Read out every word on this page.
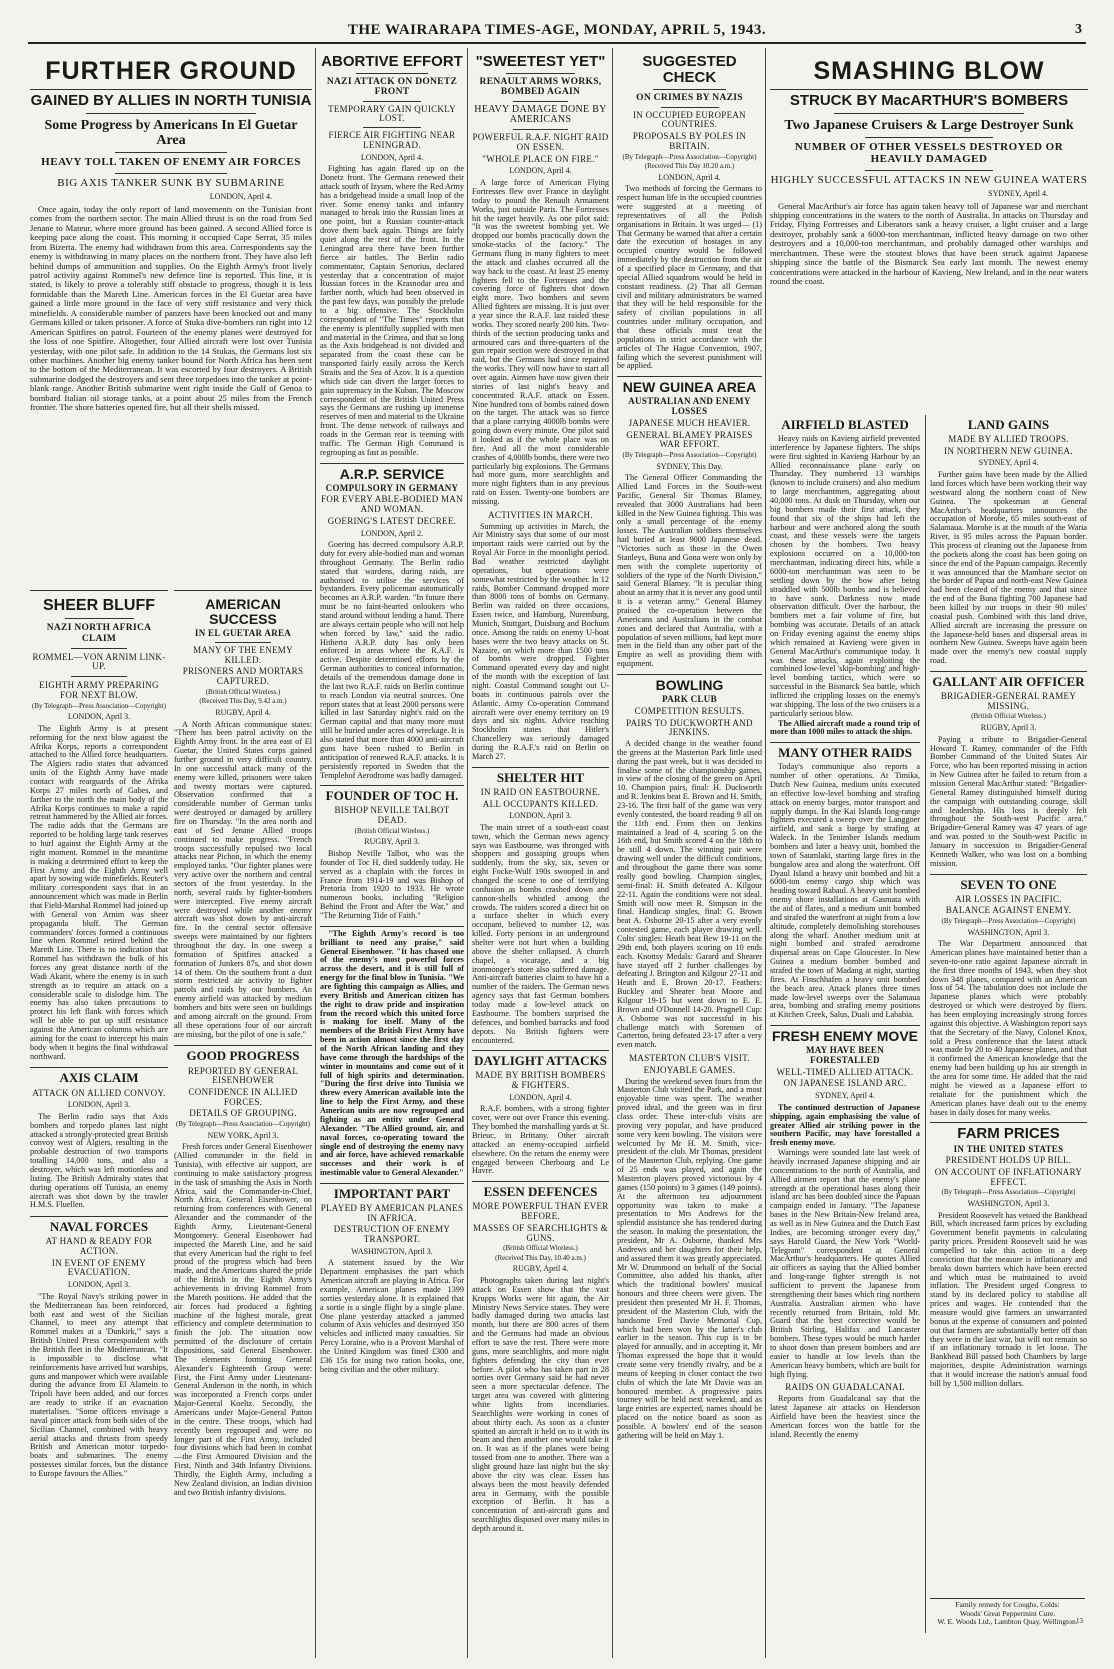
THE WAIRARAPA TIMES-AGE, MONDAY, APRIL 5, 1943.	3
FURTHER GROUND
GAINED BY ALLIES IN NORTH TUNISIA
Some Progress by Americans In El Guetar Area
HEAVY TOLL TAKEN OF ENEMY AIR FORCES
BIG AXIS TANKER SUNK BY SUBMARINE
LONDON, April 4.
Once again, today the only report of land movements on the Tunisian front comes from the northern sector. The main Allied thrust is on the road from Sed Jenane to Mateur, where more ground has been gained. A second Allied force is keeping pace along the coast. This morning it occupied Cape Serrat, 35 miles from Bizerta. The enemy had withdrawn from this area. Correspondents say the enemy is withdrawing in many places on the northern front. They have also left behind dumps of ammunition and supplies. On the Eighth Army's front lively patrol activity against Rommel's new defence line is reported. This line, it is stated, is likely to prove a tolerably stiff obstacle to progress, though it is less formidable than the Mareth Line. American forces in the El Guetar area have gained a little more ground in the face of very stiff resistance and very thick minefields. A considerable number of panzers have been knocked out and many Germans killed or taken prisoner. A force of Stuka dive-bombers ran right into 12 American Spitfires on patrol. Fourteen of the enemy planes were destroyed for the loss of one Spitfire. Altogether, four Allied aircraft were lost over Tunisia yesterday, with one pilot safe. In addition to the 14 Stukas, the Germans lost six other machines. Another big enemy tanker bound for North Africa has been sent to the bottom of the Mediterranean. It was escorted by four destroyers. A British submarine dodged the destroyers and sent three torpedoes into the tanker at point-blank range. Another British submarine went right inside the Gulf of Genoa to bombard Italian oil storage tanks, at a point about 25 miles from the French frontier. The shore batteries opened fire, but all their shells missed.
SHEER BLUFF
NAZI NORTH AFRICA CLAIM
ROMMEL—VON ARNIM LINK-UP.
EIGHTH ARMY PREPARING FOR NEXT BLOW.
(By Telegraph—Press Association—Copyright)
LONDON, April 3.
The Eighth Army is at present reforming for the next blow against the Afrika Korps, reports a correspondent attached to the Allied force headquarters. The Algiers radio states that advanced units of the Eighth Army have made contact with rearguards of the Afrika Korps 27 miles north of Gabes, and farther to the north the main body of the Afrika Korps continues to make a rapid retreat hammered by the Allied air forces. The radio adds that the Germans are reported to be holding large tank reserves to hurl against the Eighth Army at the right moment. Rommel in the meantime is making a determined effort to keep the First Army and the Eighth Army well apart by sowing wide minefields. Reuter's military correspondent says that in an announcement which was made in Berlin that Field-Marshal Rommel had joined up with General von Arnim was sheer propaganda bluff. The German commanders' forces formed a continuous line when Rommel retired behind the Mareth Line. There is no indication that Rommel has withdrawn the bulk of his forces any great distance north of the Wadi Akarit, where the enemy is in such strength as to require an attack on a considerable scale to dislodge him. The enemy has also taken precautions to protect his left flank with forces which will be able to put up stiff resistance against the American columns which are aiming for the coast to intercept his main body when it begins the final withdrawal northward.
AXIS CLAIM
ATTACK ON ALLIED CONVOY.
LONDON, April 3.
The Berlin radio says that Axis bombers and torpedo planes last night attacked a strongly-protected great British convoy west of Algiers, resulting in the probable destruction of two transports totalling 14,000 tons, and also a destroyer, which was left motionless and listing. The British Admiralty states that during operations off Tunisia, an enemy aircraft was shot down by the trawler H.M.S. Fluellen.
NAVAL FORCES
AT HAND & READY FOR ACTION.
IN EVENT OF ENEMY EVACUATION.
LONDON, April 3.
"The Royal Navy's striking power in the Mediterranean has been reinforced, both east and west of the Sicilian Channel, to meet any attempt that Rommel makes at a 'Dunkirk,'" says a British United Press correspondent with the British fleet in the Mediterranean. "It is impossible to disclose what reinforcements have arrived but warships, guns and manpower which were available during the advance from El Alamein to Tripoli have been added, and our forces are ready to strike if an evacuation materialises. "Some officers envisage a naval pincer attack from both sides of the Sicilian Channel, combined with heavy aerial attacks and thrusts from speedy British and American motor torpedo-boats and submarines. The enemy possesses similar forces, but the distance to Europe favours the Allies."
AMERICAN SUCCESS
IN EL GUETAR AREA
MANY OF THE ENEMY KILLED.
PRISONERS AND MORTARS CAPTURED.
(British Official Wireless.)
(Received This Day, 9.42 a.m.)
RUGBY, April 4.
A North African communique states: "There has been patrol activity on the Eighth Army front. In the area east of El Guetar, the United States corps gained further ground in very difficult country. In one successful attack many of the enemy were killed, prisoners were taken and twenty mortars were captured. Observation confirmed that a considerable number of German tanks were destroyed or damaged by artillery fire on Thursday. "In the area north and east of Sed Jenane Allied troops continued to make progress. "French troops successfully repulsed two local attacks near Pichon, in which the enemy employed tanks. "Our fighter planes were very active over the northern and central sectors of the front yesterday. In the north, several raids by fighter-bombers were intercepted. Five enemy aircraft were destroyed while another enemy aircraft was shot down by anti-aircraft fire. In the central sector offensive sweeps were maintained by our fighters throughout the day. In one sweep a formation of Spitfires attacked a formation of Junkers 87s, and shot down 14 of them. On the southern front a dust storm restricted air activity to fighter patrols and raids by our bombers. An enemy airfield was attacked by medium bombers and hits were seen on buildings and among aircraft on the ground. From all these operations four of our aircraft are missing, but the pilot of one is safe."
GOOD PROGRESS
REPORTED BY GENERAL EISENHOWER
CONFIDENCE IN ALLIED FORCES.
DETAILS OF GROUPING.
(By Telegraph—Press Association—Copyright)
NEW YORK, April 3.
Fresh forces under General Eisenhower (Allied commander in the field in Tunisia), with effective air support, are continuing to make satisfactory progress in the task of smashing the Axis in North Africa, said the Commander-in-Chief, North Africa, General Eisenhower, on returning from conferences with General Alexander and the commander of the Eighth Army, Lieutenant-General Montgomery. General Eisenhower had inspected the Mareth Line, and he said that every American had the right to feel proud of the progress which had been made, and the Americans shared the pride of the British in the Eighth Army's achievements in driving Rommel from the Mareth positions. He added that the air forces had produced a fighting machine of the highest morale, great efficiency and complete determination to finish the job. The situation now permitted of the disclosure of certain dispositions, said General Eisenhower. The elements forming General Alexander's Eighteenth Group were: First, the First Army under Lieutenant-General Anderson in the north, in which was incorporated a French corps under Major-General Koeltz. Secondly, the Americans under Major-General Patton in the centre. These troops, which had recently been regrouped and were no longer part of the First Army, included four divisions which had been in combat—the First Armoured Division and the First, Ninth and 34th Infantry Divisions. Thirdly, the Eighth Army, including a New Zealand division, an Indian division and two British infantry divisions.
ABORTIVE EFFORT
NAZI ATTACK ON DONETZ FRONT
TEMPORARY GAIN QUICKLY LOST.
FIERCE AIR FIGHTING NEAR LENINGRAD.
LONDON, April 4.
Fighting has again flared up on the Donetz front. The Germans renewed their attack south of Izyum, where the Red Army has a bridgehead inside a small loop of the river. Some enemy tanks and infantry managed to break into the Russian lines at one point, but a Russian counter-attack drove them back again. Things are fairly quiet along the rest of the front. In the Leningrad area there have been further fierce air battles. The Berlin radio commentator, Captain Sertorius, declared yesterday that a concentration of major Russian forces in the Krasnodar area and farther north, which had been observed in the past few days, was possibly the prelude to a big offensive. The Stockholm correspondent of "The Times" reports that the enemy is plentifully supplied with men and material in the Crimea, and that so long as the Axis bridgehead is not divided and separated from the coast these can be transported fairly easily across the Kerch Straits and the Sea of Azov. It is a question which side can divert the larger forces to gain supremacy in the Kuban. The Moscow correspondent of the British United Press says the Germans are rushing up immense reserves of men and material to the Ukraine front. The dense network of railways and roads in the German rear is teeming with traffic. The German High Command is regrouping as fast as possible.
A.R.P. SERVICE
COMPULSORY IN GERMANY
FOR EVERY ABLE-BODIED MAN AND WOMAN.
GOERING'S LATEST DECREE.
LONDON, April 2.
Goering has decreed compulsory A.R.P. duty for every able-bodied man and woman throughout Germany. The Berlin radio stated that wardens, during raids, are authorised to utilise the services of bystanders. Every policeman automatically becomes an A.R.P. warden. "In future there must be no faint-hearted onlookers who stand around without lending a hand. There are always certain people who will not help when forced by law," said the radio. Hitherto A.R.P. duty has only been enforced in areas where the R.A.F. is active. Despite determined efforts by the German authorities to conceal information, details of the tremendous damage done in the last two R.A.F. raids on Berlin continue to reach London via neutral sources. One report states that at least 2000 persons were killed in last Saturday night's raid on the German capital and that many more must still be buried under acres of wreckage. It is also stated that more than 4000 anti-aircraft guns have been rushed to Berlin in anticipation of renewed R.A.F. attacks. It is persistently reported in Sweden that the Templehof Aerodrome was badly damaged.
FOUNDER OF TOC H.
BISHOP NEVILLE TALBOT DEAD.
(British Official Wireless.)
RUGBY, April 3.
Bishop Neville Talbot, who was the founder of Toc H, died suddenly today. He served as a chaplain with the forces in France from 1914-19 and was Bishop of Pretoria from 1920 to 1933. He wrote numerous books, including "Religion Behind the Front and After the War," and "The Returning Tide of Faith."
"The Eighth Army's record is too brilliant to need any praise," said General Eisenhower. "It has chased one of the enemy's most powerful forces across the desert, and it is still full of energy for the final blow in Tunisia. "We are fighting this campaign as Allies, and every British and American citizen has the right to draw pride and inspiration from the record which this united force is making for itself. Many of the members of the British First Army have been in action almost since the first day of the North African landing and they have come through the hardships of the winter in mountains and come out of it full of high spirits and determination. "During the first drive into Tunisia we threw every American available into the line to help the First Army, and these American units are now regrouped and fighting as an entity under General Alexander. "The Allied ground, air, and naval forces, co-operating toward the single end of destroying the enemy navy and air force, have achieved remarkable successes and their work is of inestimable value to General Alexander."
IMPORTANT PART
PLAYED BY AMERICAN PLANES IN AFRICA.
DESTRUCTION OF ENEMY TRANSPORT.
WASHINGTON, April 3.
A statement issued by the War Department emphasises the part which American aircraft are playing in Africa. For example, American planes made 1399 sorties yesterday alone. It is explained that a sortie is a single flight by a single plane. One plane yesterday attacked a jammed column of Axis vehicles and destroyed 350 vehicles and inflicted many casualties. Sir Percy Loraine, who is a Provost Marshal of the United Kingdom was fined £300 and £36 15s for using two ration books, one, being civilian and the other military.
"SWEETEST YET"
RENAULT ARMS WORKS, BOMBED AGAIN
HEAVY DAMAGE DONE BY AMERICANS
POWERFUL R.A.F. NIGHT RAID ON ESSEN.
"WHOLE PLACE ON FIRE."
LONDON, April 4.
A large force of American Flying Fortresses flew over France in daylight today to pound the Renault Armament Works, just outside Paris. The Fortresses hit the target heavily. As one pilot said: "It was the sweetest bombing yet. We dropped our bombs practically down the smoke-stacks of the factory." The Germans flung in many fighters to meet the attack and clashes occurred all the way back to the coast. At least 25 enemy fighters fell to the Fortresses and the covering force of fighters shot down eight more. Two bombers and seven Allied fighters are missing. It is just over a year since the R.A.F. last raided these works. They scored nearly 200 hits. Two-thirds of the section producing tanks and armoured cars and three-quarters of the gun repair section were destroyed in that raid, but the Germans had since repaired the works. They will now have to start all over again. Airmen have now given their stories of last night's heavy and concentrated R.A.F. attack on Essen. Nine hundred tons of bombs rained down on the target. The attack was so fierce that a plane carrying 4000lb bombs were going down every minute. One pilot said it looked as if the whole place was on fire. And all the most considerable crashes of 4,000lb bombs, there were two particularly big explosions. The Germans had more guns, more searchlights and more night fighters than in any previous raid on Essen. Twenty-one bombers are missing.
ACTIVITIES IN MARCH.
Summing up activities in March, the Air Ministry says that some of our most important raids were carried out by the Royal Air Force in the moonlight period. Bad weather restricted daylight operations, but operations were somewhat restricted by the weather. In 12 raids, Bomber Command dropped more than 8000 tons of bombs on Germany. Berlin was raided on three occasions, Essen twice, and Hamburg, Nuremburg, Munich, Stuttgart, Duisburg and Bochum once. Among the raids on enemy U-boat bases were the two heavy attacks on St. Nazaire, on which more than 1500 tons of bombs were dropped. Fighter Command operated every day and night of the month with the exception of last night. Coastal Command sought out U-boats in continuous patrols over the Atlantic. Army Co-operation Command aircraft were over enemy territory on 19 days and six nights. Advice reaching Stockholm states that Hitler's Chancellery was seriously damaged during the R.A.F.'s raid on Berlin on March 27.
SHELTER HIT
IN RAID ON EASTBOURNE.
ALL OCCUPANTS KILLED.
LONDON, April 3.
The main street of a south-east coast town, which the German news agency says was Eastbourne, was thronged with shoppers and gossiping groups when suddenly, from the sky, six, seven or eight Focke-Wulf 190s swooped in and changed the scene to one of terrifying confusion as bombs crashed down and cannon-shells whistled among the crowds. The raiders scored a direct hit on a surface shelter in which every occupant, believed to number 12, was killed. Forty persons in an underground shelter were not hurt when a building above the shelter collapsed. A church chapel, a vicarage, and a big ironmonger's store also suffered damage. Anti-aircraft batteries claim to have hit a number of the raiders. The German news agency says that fast German bombers today made a low-level attack on Eastbourne. The bombers surprised the defences, and bombed barracks and food depots. No British fighters were encountered.
DAYLIGHT ATTACKS
MADE BY BRITISH BOMBERS & FIGHTERS.
LONDON, April 4.
R.A.F. bombers, with a strong fighter cover, were out over France this evening. They bombed the marshalling yards at St. Brieuc, in Brittany. Other aircraft attacked an enemy-occupied airfield elsewhere. On the return the enemy were engaged between Cherbourg and Le Havre.
ESSEN DEFENCES
MORE POWERFUL THAN EVER BEFORE.
MASSES OF SEARCHLIGHTS & GUNS.
(British Official Wireless.)
(Received This Day, 10.40 a.m.)
RUGBY, April 4.
Photographs taken during last night's attack on Essen show that the vast Krupps Works were hit again, the Air Ministry News Service states. They were badly damaged during two attacks last month, but there are 800 acres of them and the Germans had made an obvious effort to save the rest. There were more guns, more searchlights, and more night fighters defending the city than ever before. A pilot who has taken part in 28 sorties over Germany said he had never seen a more spectacular defence. The target area was covered with glittering white lights from incendiaries. Searchlights were working in cones of about thirty each. As soon as a cluster spotted an aircraft it held on to it with its beam and then another one would take it on. It was as if the planes were being tossed from one to another. There was a slight ground haze last night but the sky above the city was clear. Essen has always been the most heavily defended area in Germany, with the possible exception of Berlin. It has a concentration of anti-aircraft guns and searchlights disposed over many miles in depth around it.
SUGGESTED CHECK
ON CRIMES BY NAZIS
IN OCCUPIED EUROPEAN COUNTRIES.
PROPOSALS BY POLES IN BRITAIN.
(By Telegraph—Press Association—Copyright)
(Received This Day 10.20 a.m.)
LONDON, April 4.
Two methods of forcing the Germans to respect human life in the occupied countries were suggested at a meeting of representatives of all the Polish organisations in Britain. It was urged— (1) That Germany be warned that after a certain date the execution of hostages in any occupied country would be followed immediately by the destruction from the air of a specified place in Germany, and that special Allied squadrons would be held in constant readiness. (2) That all German civil and military administrators be warned that they will be held responsible for the safety of civilian populations in all countries under military occupation, and that these officials must treat the populations in strict accordance with the articles of The Hague Convention, 1907, failing which the severest punishment will be applied.
NEW GUINEA AREA
AUSTRALIAN AND ENEMY LOSSES
JAPANESE MUCH HEAVIER.
GENERAL BLAMEY PRAISES WAR EFFORT.
(By Telegraph—Press Association—Copyright)
SYDNEY, This Day.
The General Officer Commanding the Allied Land Forces in the South-west Pacific, General Sir Thomas Blamey, revealed that 3000 Australians had been killed in the New Guinea fighting. This was only a small percentage of the enemy losses. The Australian soldiers themselves had buried at least 9000 Japanese dead. "Victories such as those in the Owen Stanleys, Buna and Gona were won only by men with the complete superiority of soldiers of the type of the North Division," said General Blamey. "It is peculiar thing about an army that it is never any good until it is a veteran army." General Blamey praised the co-operation between the Americans and Australians in the combat zones and declared that Australia, with a population of seven millions, had kept more men in the field than any other part of the Empire as well as providing them with equipment.
BOWLING
PARK CLUB
COMPETITION RESULTS.
PAIRS TO DUCKWORTH AND JENKINS.
A decided change in the weather found the greens at the Masterton Park little used during the past week, but it was decided to finalise some of the championship games, in view of the closing of the green on April 10. Champion pairs, final: H. Duckworth and R. Jenkins beat E. Brown and H. Smith, 23-16. The first half of the game was very evenly contested, the board reading 9 all on the 11th end. From then on Jenkins maintained a lead of 4, scoring 5 on the 16th end, but Smith scored 4 on the 18th to be still 4 down. The winning pair were drawing well under the difficult conditions, and throughout the game there was some really good bowling. Champion singles, semi-final: H. Smith defeated A. Kilgour 22-11. Again the conditions were not ideal. Smith will now meet R. Simpson in the final. Handicap singles, final: G. Brown beat A. Osborne 20-15 after a very evenly contested game, each player drawing well. Colts' singles: Heath beat Bew 19-11 on the 29th end, both players scoring on 10 ends each. Knottsy Medals: Garard and Shearer have stayed off 2 further challenges by defeating J. Brington and Kilgour 27-11 and Heath and E. Brown 20-17. Feathers: Buckley and Shearer beat Moore and Kilgour 19-15 but went down to E. E. Brown and O'Donnell 14-20. Pragnell Cup: A. Osborne was not successful in his challenge match with Sorensen of Carterton, being defeated 23-17 after a very even match.
MASTERTON CLUB'S VISIT.
ENJOYABLE GAMES.
During the weekend seven fours from the Masterton Club visited the Park, and a most enjoyable time was spent. The weather proved ideal, and the green was in first class order. These inter-club visits are proving very popular, and have produced some very keen bowling. The visitors were welcomed by Mr H. M. Smith, vice-president of the club. Mr Thomas, president of the Masterton Club, replying. One game of 25 ends was played, and again the Masterton players proved victorious by 4 games (150 points) to 3 games (149 points). At the afternoon tea adjournment opportunity was taken to make a presentation to Mrs Andrews for the splendid assistance she has rendered during the season. In making the presentation, the president, Mr A. Osborne, thanked Mrs Andrews and her daughters for their help, and assured them it was greatly appreciated. Mr W. Drummond on behalf of the Social Committee, also added his thanks, after which the traditional bowlers' musical honours and three cheers were given. The president then presented Mr H. F. Thomas, president of the Masterton Club, with the handsome Fred Davie Memorial Cup, which had been won by the latter's club earlier in the season. This cup is to be played for annually, and in accepting it, Mr Thomas expressed the hope that it would create some very friendly rivalry, and be a means of keeping in closer contact the two clubs of which the late Mr Davie was an honoured member. A progressive pairs tourney will be held next weekend, and as large entries are expected, names should be placed on the notice board as soon as possible. A bowlers' end of the season gathering will be held on May 1.
SMASHING BLOW
STRUCK BY MacARTHUR'S BOMBERS
Two Japanese Cruisers & Large Destroyer Sunk
NUMBER OF OTHER VESSELS DESTROYED OR HEAVILY DAMAGED
HIGHLY SUCCESSFUL ATTACKS IN NEW GUINEA WATERS
SYDNEY, April 4.
General MacArthur's air force has again taken heavy toll of Japanese war and merchant shipping concentrations in the waters to the north of Australia. In attacks on Thursday and Friday, Flying Fortresses and Liberators sank a heavy cruiser, a light cruiser and a large destroyer, probably sank a 6000-ton merchantman, inflicted heavy damage on two other destroyers and a 10,000-ton merchantman, and probably damaged other warships and merchantmen. These were the stoutest blows that have been struck against Japanese shipping since the battle of the Bismarck Sea early last month. The newest enemy concentrations were attacked in the harbour of Kavieng, New Ireland, and in the near waters round the coast.
AIRFIELD BLASTED
Heavy raids on Kavieng airfield prevented interference by Japanese fighters. The ships were first sighted in Kavieng Harbour by an Allied reconnaissance plane early on Thursday. They numbered 13 warships (known to include cruisers) and also medium to large merchantmen, aggregating about 40,000 tons. At dusk on Thursday, when our big bombers made their first attack, they found that six of the ships had left the harbour and were anchored along the south coast, and these vessels were the targets chosen by the bombers. Two heavy explosions occurred on a 10,000-ton merchantman, indicating direct hits, while a 6000-ton merchantman was seen to be settling down by the bow after being straddled with 500lb bombs and is believed to have sunk. Darkness now made observation difficult. Over the harbour, the bombers met a fair volume of fire, but bombing was accurate. Details of an attack on Friday evening against the enemy ships which remained at Kavieng were given in General MacArthur's communique today. It was these attacks, again exploiting the combined low-level 'skip-bombing' and high-level bombing tactics, which were so successful in the Bismarck Sea battle, which inflicted the crippling losses on the enemy's war shipping. The loss of the two cruisers is a particularly serious blow.
The Allied aircraft made a round trip of more than 1000 miles to attack the ships.
MANY OTHER RAIDS
Today's communique also reports a number of other operations. At Timika, Dutch New Guinea, medium units executed an effective low-level bombing and strafing attack on enemy barges, motor transport and supply dumps. In the Kai Islands long-range fighters executed a sweep over the Langgoer airfield, and sank a barge by strafing at Waleck. In the Tenimber Islands medium bombers and later a heavy unit, bombed the town of Saumlaki, starting large fires in the bungalow area and along the waterfront. Off Dyaul Island a heavy unit bombed and hit a 6000-ton enemy cargo ship which was heading toward Rabaul. A heavy unit bombed enemy shore installations at Gasmata with the aid of flares, and a medium unit bombed and strafed the waterfront at night from a low altitude, completely demolishing storehouses along the wharf. Another medium unit at night bombed and strafed aerodrome dispersal areas on Cape Gloucester. In New Guinea a medium bomber bombed and strafed the town of Madang at night, starting fires. At Finschhafen a heavy unit bombed the beach area. Attack planes three times made low-level sweeps over the Salamaua area, bombing and strafing enemy positions at Kitchen Creek, Salus, Duali and Lababia.
FRESH ENEMY MOVE
MAY HAVE BEEN FORESTALLED
WELL-TIMED ALLIED ATTACK.
ON JAPANESE ISLAND ARC.
SYDNEY, April 4.
The continued destruction of Japanese shipping, again emphasising the value of greater Allied air striking power in the southern Pacific, may have forestalled a fresh enemy move.
Warnings were sounded late last week of heavily increased Japanese shipping and air concentrations to the north of Australia, and Allied airmen report that the enemy's plane strength at the operational bases along their island arc has been doubled since the Papuan campaign ended in January. "The Japanese bases in the New Britain-New Ireland area, as well as in New Guinea and the Dutch East Indies, are becoming stronger every day," says Harold Guard, the New York "World-Telegram" correspondent at General MacArthur's headquarters. He quotes Allied air officers as saying that the Allied bomber and long-range fighter strength is not sufficient to prevent the Japanese from strengthening their bases which ring northern Australia. Australian airmen who have recently returned from Britain, told Mr. Guard that the best corrective would be British Stirling, Halifax and Lancaster bombers. These types would be much harder to shoot down than present bombers and are easier to handle at low levels than the American heavy bombers, which are built for high flying.
RAIDS ON GUADALCANAL
Reports from Guadalcanal say that the latest Japanese air attacks on Henderson Airfield have been the heaviest since the American forces won the battle for the island. Recently the enemy
LAND GAINS
MADE BY ALLIED TROOPS.
IN NORTHERN NEW GUINEA.
SYDNEY, April 4.
Further gains have been made by the Allied land forces which have been working their way westward along the northern coast of New Guinea. The spokesman at General MacArthur's headquarters announces the occupation of Morobe, 65 miles south-east of Salamaua. Morobe is at the mouth of the Waria River, is 95 miles across the Papuan border. This process of cleaning out the Japanese from the pockets along the coast has been going on since the end of the Papuan campaign. Recently it was announced that the Mambare sector on the border of Papua and north-east New Guinea had been cleared of the enemy and that since the end of the Buna fighting 700 Japanese had been killed by our troops in their 90 miles' coastal push. Combined with this land drive, Allied aircraft are increasing the pressure on the Japanese-held bases and dispersal areas in northern New Guinea. Sweeps have again been made over the enemy's new coastal supply road.
GALLANT AIR OFFICER
BRIGADIER-GENERAL RAMEY MISSING.
(British Official Wireless.)
RUGBY, April 3.
Paying a tribute to Brigadier-General Howard T. Ramey, commander of the Fifth Bomber Command of the United States Air Force, who has been reported missing in action in New Guinea after he failed to return from a mission General MacArthur stated: "Brigadier-General Ramey distinguished himself during the campaign with outstanding courage, skill and leadership. His loss is deeply felt throughout the South-west Pacific area." Brigadier-General Ramey was 47 years of age and was posted to the South-west Pacific in January in succession to Brigadier-General Kenneth Walker, who was lost on a bombing mission.
SEVEN TO ONE
AIR LOSSES IN PACIFIC.
BALANCE AGAINST ENEMY.
(By Telegraph—Press Association—Copyright)
WASHINGTON, April 3.
The War Department announced that American planes have maintained better than a seven-to-one ratio against Japanese aircraft in the first three months of 1943, when they shot down 348 planes, compared with an American loss of 54. The tabulation does not include the Japanese planes which were probably destroyed or which were destroyed by fliers. has been employing increasingly strong forces against this objective. A Washington report says that the Secretary of the Navy, Colonel Knox, told a Press conference that the latest attack was made by 20 to 40 Japanese planes, and that it confirmed the American knowledge that the enemy had been building up his air strength in the area for some time. He added that the raid might be viewed as a Japanese effort to retaliate for the punishment which the American planes have dealt out to the enemy bases in daily doses for many weeks.
FARM PRICES
IN THE UNITED STATES
PRESIDENT HOLDS UP BILL.
ON ACCOUNT OF INFLATIONARY EFFECT.
(By Telegraph—Press Association—Copyright)
WASHINGTON, April 3.
President Roosevelt has vetoed the Bankhead Bill, which increased farm prices by excluding Government benefit payments in calculating parity prices. President Roosevelt said he was compelled to take this action in a deep conviction that the measure is inflationary and breaks down barriers which have been erected and which must be maintained to avoid inflation. The President urged Congress to stand by its declared policy to stabilise all prices and wages. He contended that the measure would give farmers an unwarranted bonus at the expense of consumers and pointed out that farmers are substantially better off than they were in the last war, but will not remain so if an inflationary tornado is let loose. The Bankhead Bill passed both Chambers by large majorities, despite Administration warnings that it would increase the nation's annual food bill by 1,500 million dollars.
Family remedy for Coughs, Colds:
Woods' Great Peppermint Cure.
W. E. Woods Ltd., Lambton Quay, Wellington.
13
